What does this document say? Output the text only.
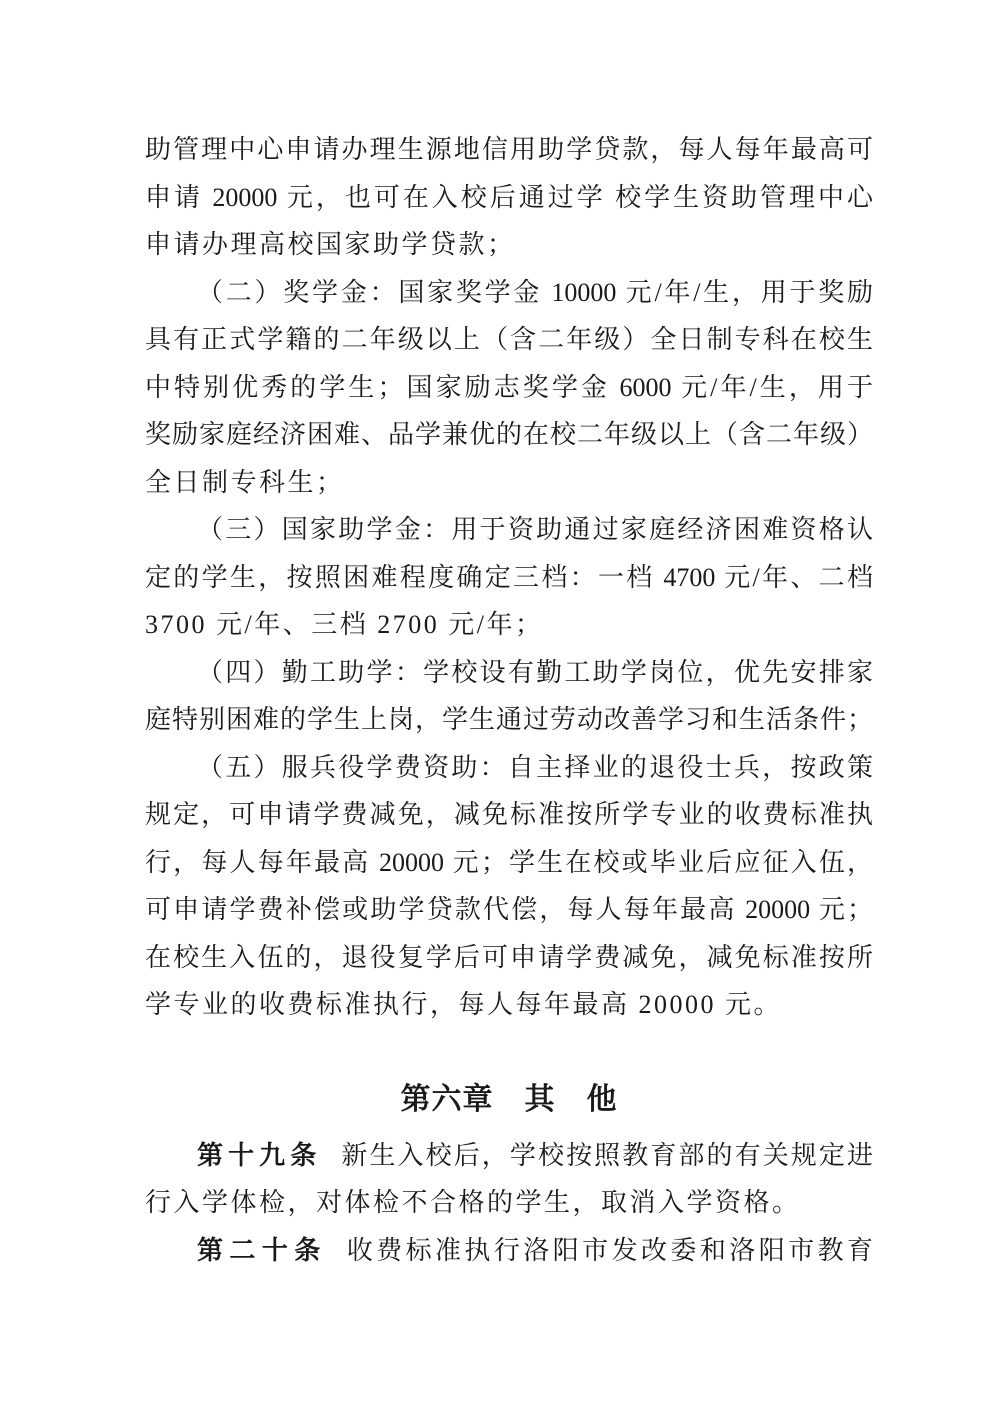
助管理中心申请办理生源地信用助学贷款，每人每年最高可
申请 20000 元，也可在入校后通过学 校学生资助管理中心
申请办理高校国家助学贷款；
（二）奖学金：国家奖学金 10000 元/年/生，用于奖励
具有正式学籍的二年级以上（含二年级）全日制专科在校生
中特别优秀的学生；国家励志奖学金 6000 元/年/生，用于
奖励家庭经济困难、品学兼优的在校二年级以上（含二年级）
全日制专科生；
（三）国家助学金：用于资助通过家庭经济困难资格认
定的学生，按照困难程度确定三档：一档 4700 元/年、二档
3700 元/年、三档 2700 元/年；
（四）勤工助学：学校设有勤工助学岗位，优先安排家
庭特别困难的学生上岗，学生通过劳动改善学习和生活条件；
（五）服兵役学费资助：自主择业的退役士兵，按政策
规定，可申请学费减免，减免标准按所学专业的收费标准执
行，每人每年最高 20000 元；学生在校或毕业后应征入伍，
可申请学费补偿或助学贷款代偿，每人每年最高 20000 元；
在校生入伍的，退役复学后可申请学费减免，减免标准按所
学专业的收费标准执行，每人每年最高 20000 元。
第六章　其　他
第十九条 新生入校后，学校按照教育部的有关规定进
行入学体检，对体检不合格的学生，取消入学资格。
第二十条 收费标准执行洛阳市发改委和洛阳市教育
